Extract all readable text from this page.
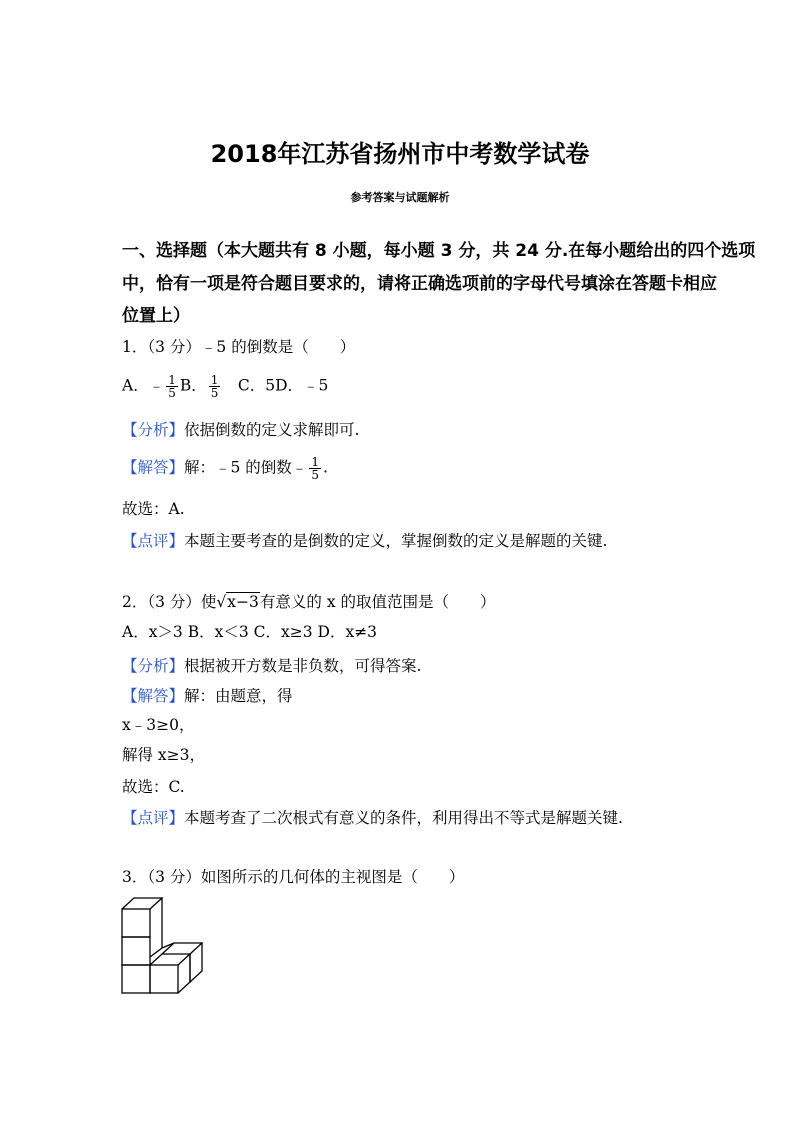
2018年江苏省扬州市中考数学试卷
参考答案与试题解析
一、选择题（本大题共有 8 小题，每小题 3 分，共 24 分.在每小题给出的四个选项
中，恰有一项是符合题目要求的，请将正确选项前的字母代号填涂在答题卡相应
位置上）
1．（3 分）﹣5 的倒数是（　　）
A．﹣ $\frac{1}{5}$ B． $\frac{1}{5}$ 　C．5D．﹣5
【分析】依据倒数的定义求解即可.
【解答】解：﹣5 的倒数﹣ $\frac{1}{5}$ .
故选：A.
【点评】本题主要考查的是倒数的定义，掌握倒数的定义是解题的关键.
2．（3 分）使√x−3有意义的 x 的取值范围是（　　）
A．x＞3 B．x＜3 C．x≥3 D．x≠3
【分析】根据被开方数是非负数，可得答案.
【解答】解：由题意，得
x﹣3≥0，
解得 x≥3，
故选：C.
【点评】本题考查了二次根式有意义的条件，利用得出不等式是解题关键.
3．（3 分）如图所示的几何体的主视图是（　　）
